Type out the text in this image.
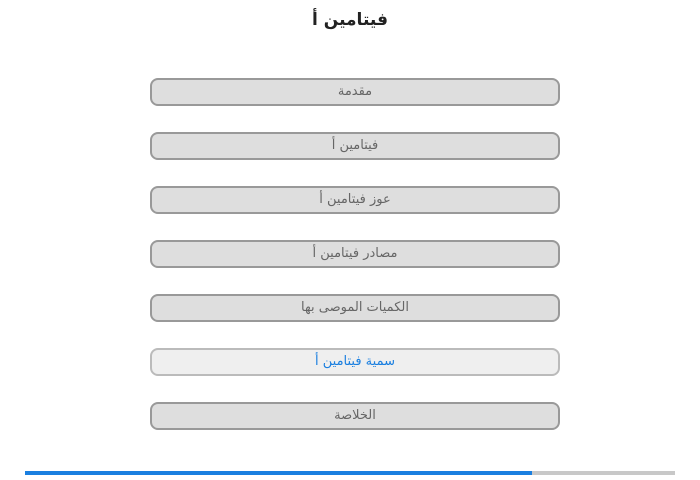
فيتامين أ
مقدمة
فيتامين أ
عوز فيتامين أ
مصادر فيتامين أ
الكميات الموصى بها
سمية فيتامين أ
الخلاصة
